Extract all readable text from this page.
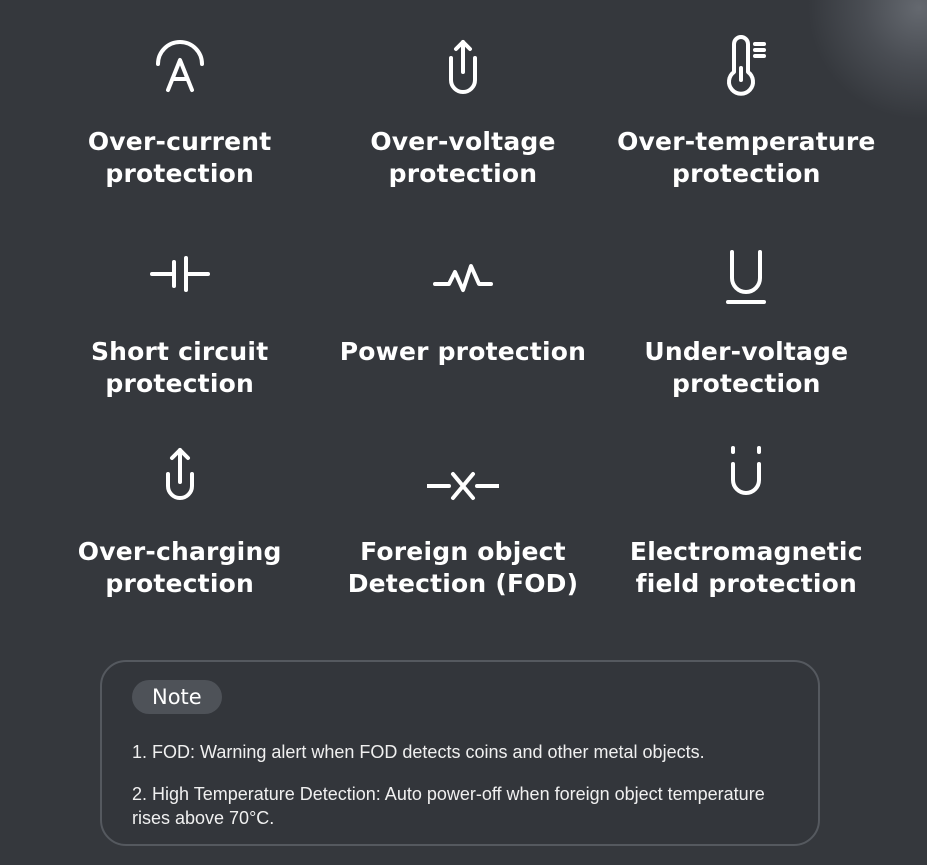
Over-current
protection
Over-voltage
protection
Over-temperature
protection
Short circuit
protection
Power protection	Under-voltage
protection
Over-charging
protection
Foreign object
Detection (FOD)
Electromagnetic
field protection
Note
1. FOD: Warning alert when FOD detects coins and other metal objects.
2. High Temperature Detection: Auto power-off when foreign object temperature rises above 70°C.
